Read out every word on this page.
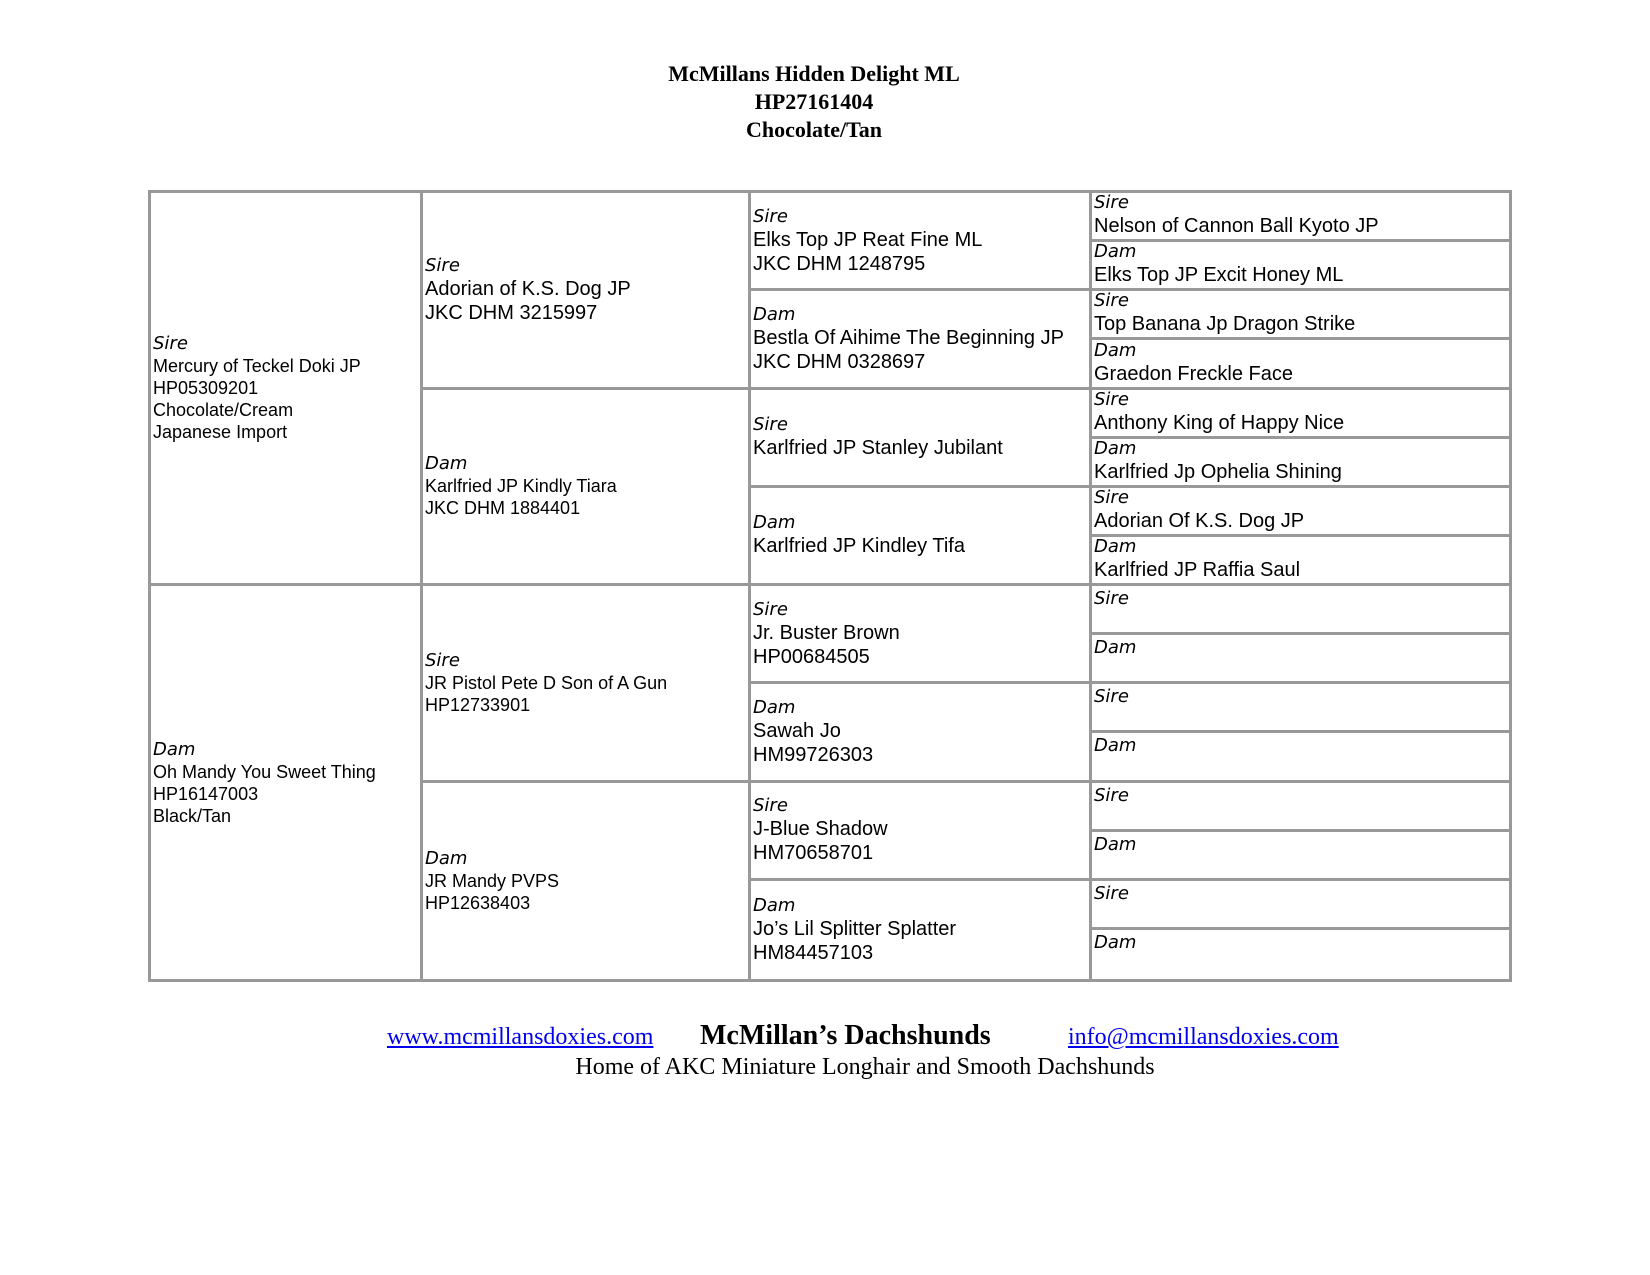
McMillans Hidden Delight ML
HP27161404
Chocolate/Tan
Sire
Mercury of Teckel Doki JP
HP05309201
Chocolate/Cream
Japanese Import
Dam
Oh Mandy You Sweet Thing
HP16147003
Black/Tan
Sire
Adorian of K.S. Dog JP
JKC DHM 3215997
Dam
Karlfried JP Kindly Tiara
JKC DHM 1884401
Sire
JR Pistol Pete D Son of A Gun
HP12733901
Dam
JR Mandy PVPS
HP12638403
Sire
Elks Top JP Reat Fine ML
JKC DHM 1248795
Dam
Bestla Of Aihime The Beginning JP
JKC DHM 0328697
Sire
Karlfried JP Stanley Jubilant
Dam
Karlfried JP Kindley Tifa
Sire
Jr. Buster Brown
HP00684505
Dam
Sawah Jo
HM99726303
Sire
J-Blue Shadow
HM70658701
Dam
Jo’s Lil Splitter Splatter
HM84457103
Sire
Nelson of Cannon Ball Kyoto JP
Dam
Elks Top JP Excit Honey ML
Sire
Top Banana Jp Dragon Strike
Dam
Graedon Freckle Face
Sire
Anthony King of Happy Nice
Dam
Karlfried Jp Ophelia Shining
Sire
Adorian Of K.S. Dog JP
Dam
Karlfried JP Raffia Saul
Sire
Dam
Sire
Dam
Sire
Dam
Sire
Dam
www.mcmillansdoxies.com McMillan’s Dachshunds	info@mcmillansdoxies.com
Home of AKC Miniature Longhair and Smooth Dachshunds
